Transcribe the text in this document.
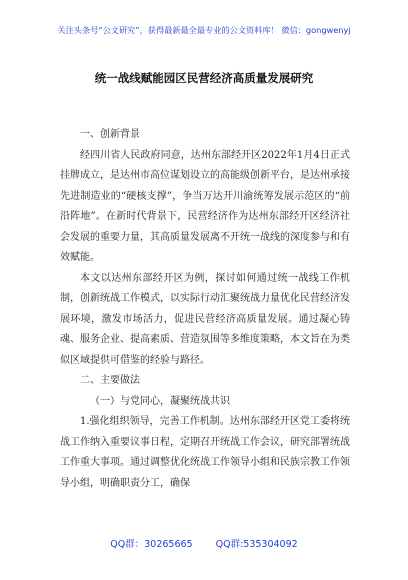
关注头条号“公文研究”，获得最新最全最专业的公文资料库！ 微信：gongwenyj
统一战线赋能园区民营经济高质量发展研究
一、创新背景

经四川省人民政府同意，达州东部经开区2022年1月4日正式挂牌成立，是达州市高位谋划设立的高能级创新平台，是达州承接先进制造业的“硬核支撑”，争当万达开川渝统筹发展示范区的“前沿阵地”。在新时代背景下，民营经济作为达州东部经开区经济社会发展的重要力量，其高质量发展离不开统一战线的深度参与和有效赋能。

本文以达州东部经开区为例，探讨如何通过统一战线工作机制，创新统战工作模式，以实际行动汇聚统战力量优化民营经济发展环境，激发市场活力，促进民营经济高质量发展。通过凝心铸魂、服务企业、提高素质、营造氛围等多维度策略，本文旨在为类似区域提供可借鉴的经验与路径。

二、主要做法
（一）与党同心，凝聚统战共识

1.强化组织领导，完善工作机制。达州东部经开区党工委将统战工作纳入重要议事日程，定期召开统战工作会议，研究部署统战工作重大事项。通过调整优化统战工作领导小组和民族宗教工作领导小组，明确职责分工，确保

QQ群：30265665 QQ群:535304092
